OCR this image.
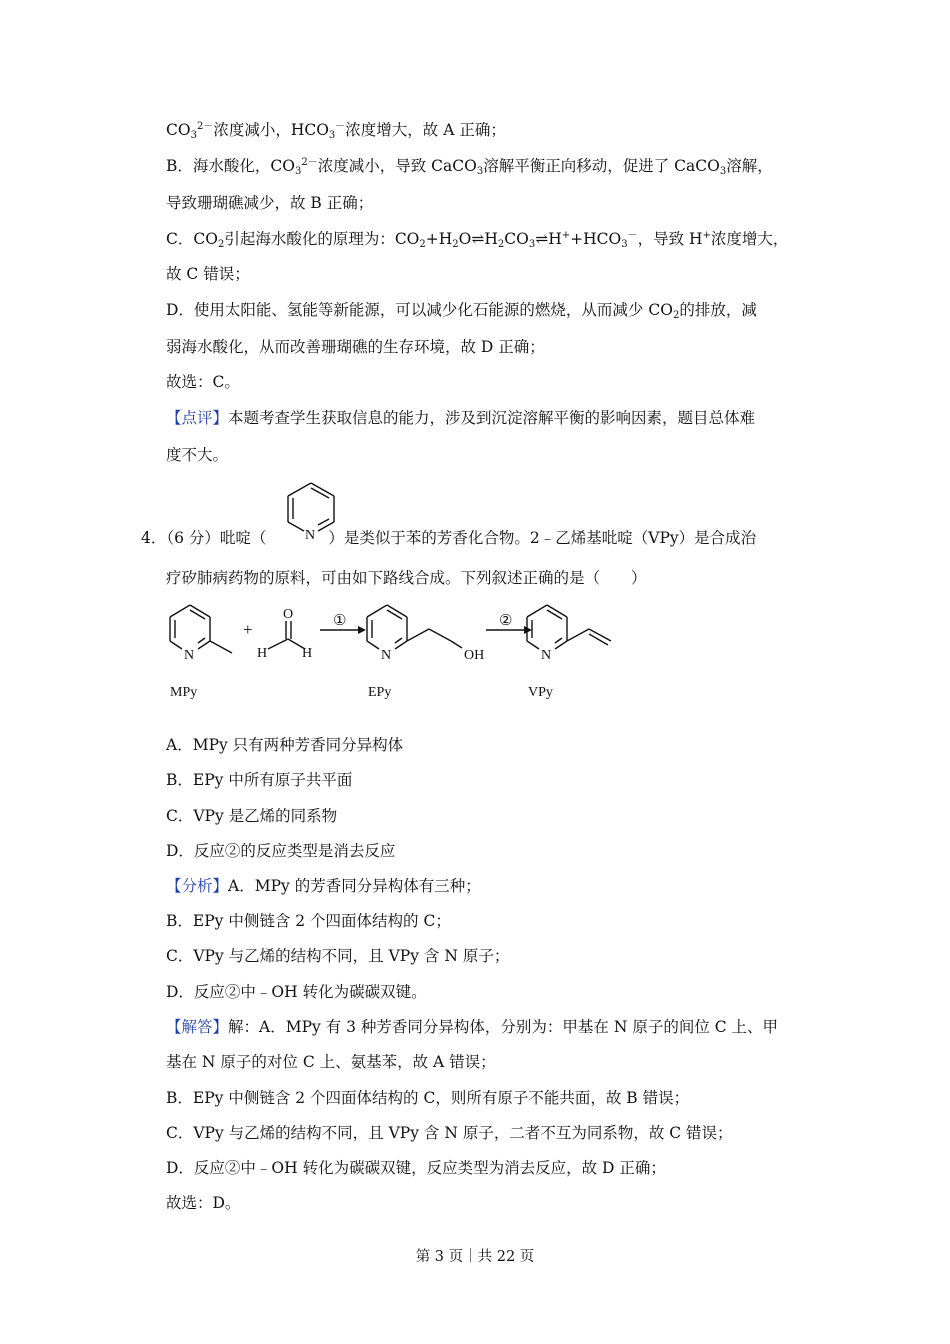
$CO_3^{2-}$浓度减小，$HCO_3^-$浓度增大，故 A 正确；
B．海水酸化，$CO_3^{2-}$浓度减小，导致 CaCO$_3$溶解平衡正向移动，促进了 CaCO$_3$溶解，
导致珊瑚礁减少，故 B 正确；
C．$CO_2$引起海水酸化的原理为：$CO_2+H_2O\rightleftharpoons H_2CO_3\rightleftharpoons H^++HCO_3^-$，导致 H+浓度增大，
故 C 错误；
D．使用太阳能、氢能等新能源，可以减少化石能源的燃烧，从而减少 $CO_2$的排放，减
弱海水酸化，从而改善珊瑚礁的生存环境，故 D 正确；
故选：C。
【点评】本题考查学生获取信息的能力，涉及到沉淀溶解平衡的影响因素，题目总体难
度不大。
4．（6 分）吡啶（	）是类似于苯的芳香化合物。2﹣乙烯基吡啶（VPy）是合成治
N
疗矽肺病药物的原料，可由如下路线合成。下列叙述正确的是（　　）
N
+
O
H H
①
N	OH
②
N
MPy	EPy	VPy
A．MPy 只有两种芳香同分异构体
B．EPy 中所有原子共平面
C．VPy 是乙烯的同系物
D．反应②的反应类型是消去反应
【分析】A．MPy 的芳香同分异构体有三种；
B．EPy 中侧链含 2 个四面体结构的 C；
C．VPy 与乙烯的结构不同，且 VPy 含 N 原子；
D．反应②中﹣OH 转化为碳碳双键。
【解答】解：A．MPy 有 3 种芳香同分异构体，分别为：甲基在 N 原子的间位 C 上、甲
基在 N 原子的对位 C 上、氨基苯，故 A 错误；
B．EPy 中侧链含 2 个四面体结构的 C，则所有原子不能共面，故 B 错误；
C．VPy 与乙烯的结构不同，且 VPy 含 N 原子，二者不互为同系物，故 C 错误；
D．反应②中﹣OH 转化为碳碳双键，反应类型为消去反应，故 D 正确；
故选：D。
第 3 页｜共 22 页
